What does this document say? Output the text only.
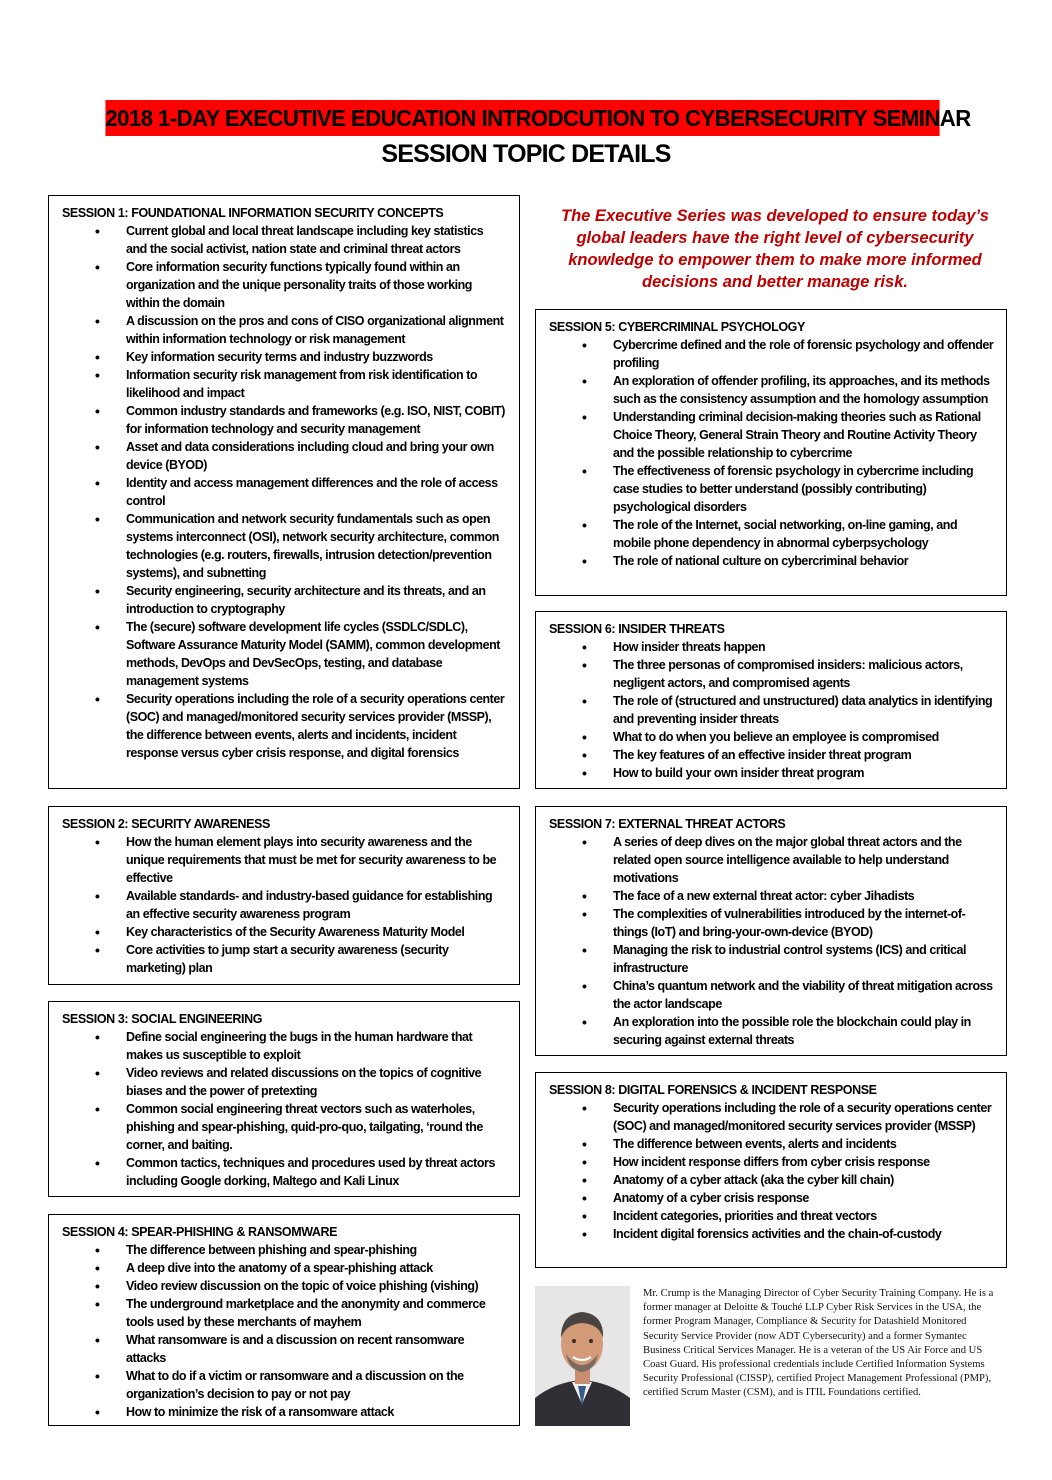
2018 1-DAY EXECUTIVE EDUCATION INTRODCUTION TO CYBERSECURITY SEMINAR
SESSION TOPIC DETAILS
The Executive Series was developed to ensure today’s global leaders have the right level of cybersecurity knowledge to empower them to make more informed decisions and better manage risk.
SESSION 1: FOUNDATIONAL INFORMATION SECURITY CONCEPTS
• Current global and local threat landscape including key statistics and the social activist, nation state and criminal threat actors
• Core information security functions typically found within an organization and the unique personality traits of those working within the domain
• A discussion on the pros and cons of CISO organizational alignment within information technology or risk management
• Key information security terms and industry buzzwords
• Information security risk management from risk identification to likelihood and impact
• Common industry standards and frameworks (e.g. ISO, NIST, COBIT) for information technology and security management
• Asset and data considerations including cloud and bring your own device (BYOD)
• Identity and access management differences and the role of access control
• Communication and network security fundamentals such as open systems interconnect (OSI), network security architecture, common technologies (e.g. routers, firewalls, intrusion detection/prevention systems), and subnetting
• Security engineering, security architecture and its threats, and an introduction to cryptography
• The (secure) software development life cycles (SSDLC/SDLC), Software Assurance Maturity Model (SAMM), common development methods, DevOps and DevSecOps, testing, and database management systems
• Security operations including the role of a security operations center (SOC) and managed/monitored security services provider (MSSP), the difference between events, alerts and incidents, incident response versus cyber crisis response, and digital forensics
SESSION 2: SECURITY AWARENESS
• How the human element plays into security awareness and the unique requirements that must be met for security awareness to be effective
• Available standards- and industry-based guidance for establishing an effective security awareness program
• Key characteristics of the Security Awareness Maturity Model
• Core activities to jump start a security awareness (security marketing) plan
SESSION 3: SOCIAL ENGINEERING
• Define social engineering the bugs in the human hardware that makes us susceptible to exploit
• Video reviews and related discussions on the topics of cognitive biases and the power of pretexting
• Common social engineering threat vectors such as waterholes, phishing and spear-phishing, quid-pro-quo, tailgating, ‘round the corner, and baiting.
• Common tactics, techniques and procedures used by threat actors including Google dorking, Maltego and Kali Linux
SESSION 4: SPEAR-PHISHING & RANSOMWARE
• The difference between phishing and spear-phishing
• A deep dive into the anatomy of a spear-phishing attack
• Video review discussion on the topic of voice phishing (vishing)
• The underground marketplace and the anonymity and commerce tools used by these merchants of mayhem
• What ransomware is and a discussion on recent ransomware attacks
• What to do if a victim or ransomware and a discussion on the organization’s decision to pay or not pay
• How to minimize the risk of a ransomware attack
SESSION 5: CYBERCRIMINAL PSYCHOLOGY
• Cybercrime defined and the role of forensic psychology and offender profiling
• An exploration of offender profiling, its approaches, and its methods such as the consistency assumption and the homology assumption
• Understanding criminal decision-making theories such as Rational Choice Theory, General Strain Theory and Routine Activity Theory and the possible relationship to cybercrime
• The effectiveness of forensic psychology in cybercrime including case studies to better understand (possibly contributing) psychological disorders
• The role of the Internet, social networking, on-line gaming, and mobile phone dependency in abnormal cyberpsychology
• The role of national culture on cybercriminal behavior
SESSION 6: INSIDER THREATS
• How insider threats happen
• The three personas of compromised insiders: malicious actors, negligent actors, and compromised agents
• The role of (structured and unstructured) data analytics in identifying and preventing insider threats
• What to do when you believe an employee is compromised
• The key features of an effective insider threat program
• How to build your own insider threat program
SESSION 7: EXTERNAL THREAT ACTORS
• A series of deep dives on the major global threat actors and the related open source intelligence available to help understand motivations
• The face of a new external threat actor: cyber Jihadists
• The complexities of vulnerabilities introduced by the internet-of-things (IoT) and bring-your-own-device (BYOD)
• Managing the risk to industrial control systems (ICS) and critical infrastructure
• China’s quantum network and the viability of threat mitigation across the actor landscape
• An exploration into the possible role the blockchain could play in securing against external threats
SESSION 8: DIGITAL FORENSICS & INCIDENT RESPONSE
• Security operations including the role of a security operations center (SOC) and managed/monitored security services provider (MSSP)
• The difference between events, alerts and incidents
• How incident response differs from cyber crisis response
• Anatomy of a cyber attack (aka the cyber kill chain)
• Anatomy of a cyber crisis response
• Incident categories, priorities and threat vectors
• Incident digital forensics activities and the chain-of-custody
Mr. Crump is the Managing Director of Cyber Security Training Company. He is a former manager at Deloitte & Touché LLP Cyber Risk Services in the USA, the former Program Manager, Compliance & Security for Datashield Monitored Security Service Provider (now ADT Cybersecurity) and a former Symantec Business Critical Services Manager. He is a veteran of the US Air Force and US Coast Guard. His professional credentials include Certified Information Systems Security Professional (CISSP), certified Project Management Professional (PMP), certified Scrum Master (CSM), and is ITIL Foundations certified.
